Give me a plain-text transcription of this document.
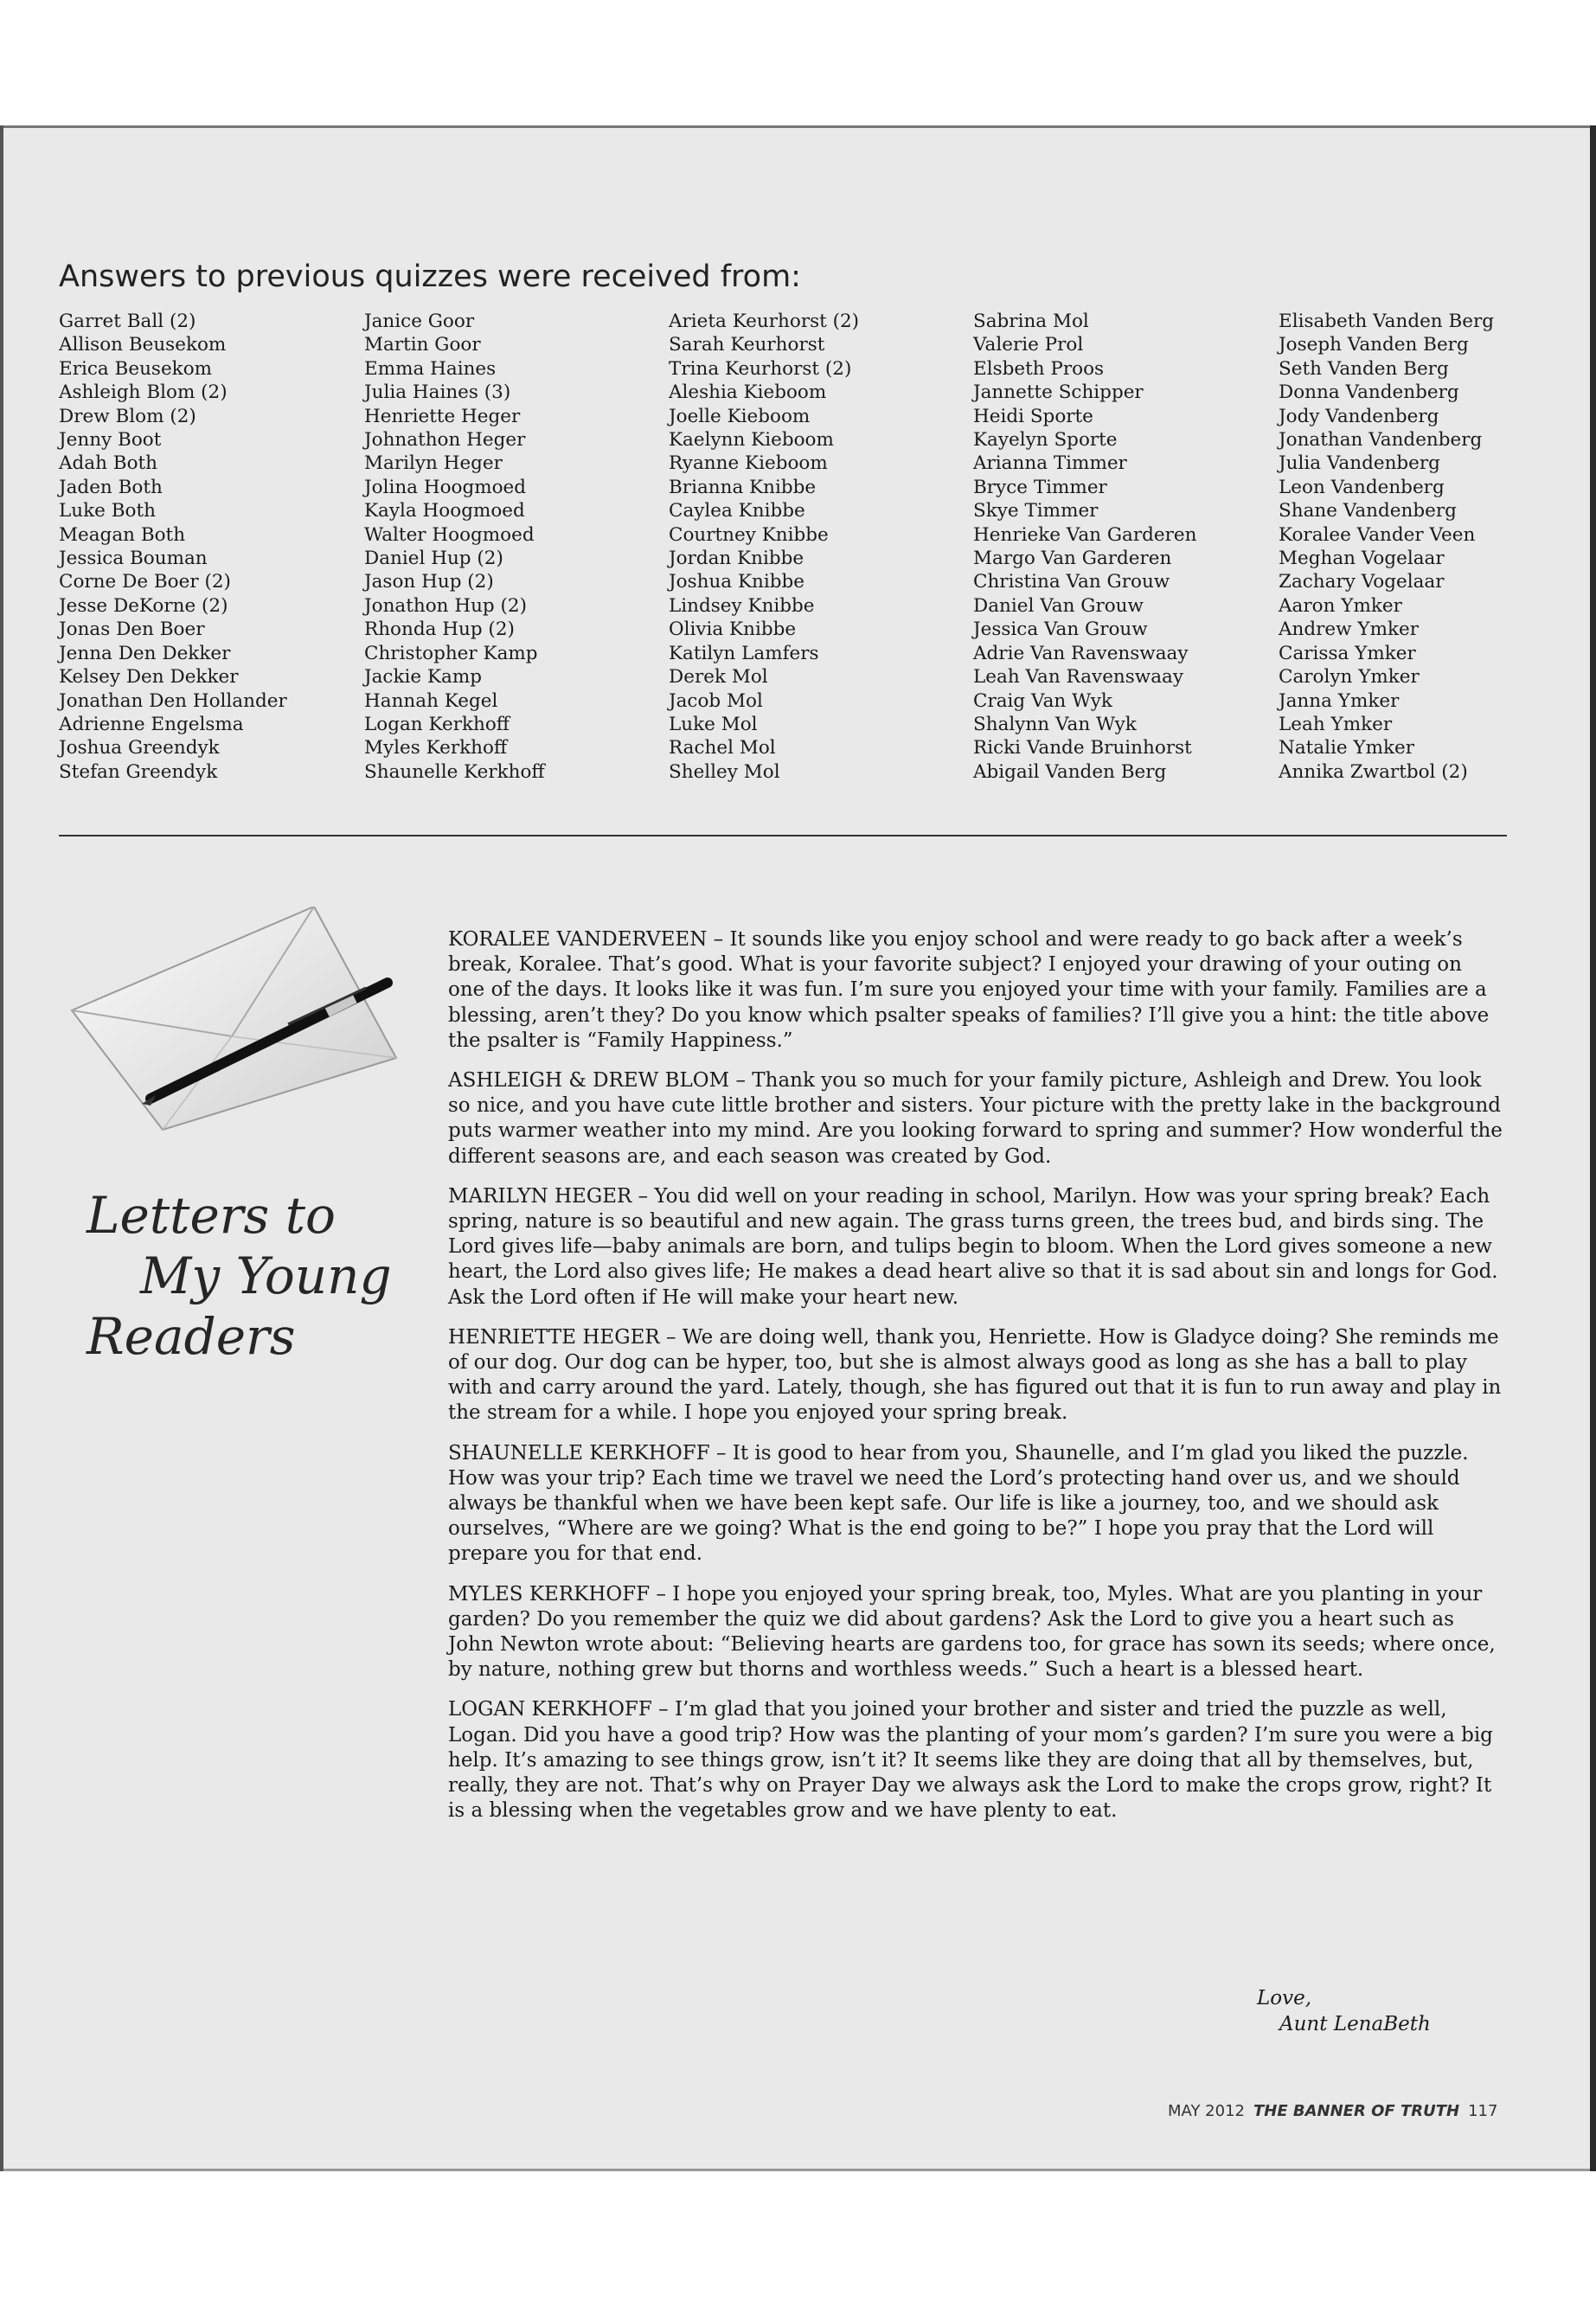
Answers to previous quizzes were received from:
Garret Ball (2)
Allison Beusekom
Erica Beusekom
Ashleigh Blom (2)
Drew Blom (2)
Jenny Boot
Adah Both
Jaden Both
Luke Both
Meagan Both
Jessica Bouman
Corne De Boer (2)
Jesse DeKorne (2)
Jonas Den Boer
Jenna Den Dekker
Kelsey Den Dekker
Jonathan Den Hollander
Adrienne Engelsma
Joshua Greendyk
Stefan Greendyk
Janice Goor
Martin Goor
Emma Haines
Julia Haines (3)
Henriette Heger
Johnathon Heger
Marilyn Heger
Jolina Hoogmoed
Kayla Hoogmoed
Walter Hoogmoed
Daniel Hup (2)
Jason Hup (2)
Jonathon Hup (2)
Rhonda Hup (2)
Christopher Kamp
Jackie Kamp
Hannah Kegel
Logan Kerkhoff
Myles Kerkhoff
Shaunelle Kerkhoff
Arieta Keurhorst (2)
Sarah Keurhorst
Trina Keurhorst (2)
Aleshia Kieboom
Joelle Kieboom
Kaelynn Kieboom
Ryanne Kieboom
Brianna Knibbe
Caylea Knibbe
Courtney Knibbe
Jordan Knibbe
Joshua Knibbe
Lindsey Knibbe
Olivia Knibbe
Katilyn Lamfers
Derek Mol
Jacob Mol
Luke Mol
Rachel Mol
Shelley Mol
Sabrina Mol
Valerie Prol
Elsbeth Proos
Jannette Schipper
Heidi Sporte
Kayelyn Sporte
Arianna Timmer
Bryce Timmer
Skye Timmer
Henrieke Van Garderen
Margo Van Garderen
Christina Van Grouw
Daniel Van Grouw
Jessica Van Grouw
Adrie Van Ravenswaay
Leah Van Ravenswaay
Craig Van Wyk
Shalynn Van Wyk
Ricki Vande Bruinhorst
Abigail Vanden Berg
Elisabeth Vanden Berg
Joseph Vanden Berg
Seth Vanden Berg
Donna Vandenberg
Jody Vandenberg
Jonathan Vandenberg
Julia Vandenberg
Leon Vandenberg
Shane Vandenberg
Koralee Vander Veen
Meghan Vogelaar
Zachary Vogelaar
Aaron Ymker
Andrew Ymker
Carissa Ymker
Carolyn Ymker
Janna Ymker
Leah Ymker
Natalie Ymker
Annika Zwartbol (2)
Letters to
My Young
Readers

KORALEE VANDERVEEN – It sounds like you enjoy school and were ready to go back after a week’s break, Koralee. That’s good. What is your favorite subject? I enjoyed your drawing of your outing on one of the days. It looks like it was fun. I’m sure you enjoyed your time with your family. Families are a blessing, aren’t they? Do you know which psalter speaks of families? I’ll give you a hint: the title above the psalter is “Family Happiness.”

ASHLEIGH & DREW BLOM – Thank you so much for your family picture, Ashleigh and Drew. You look so nice, and you have cute little brother and sisters. Your picture with the pretty lake in the background puts warmer weather into my mind. Are you looking forward to spring and summer? How wonderful the different seasons are, and each season was created by God.

MARILYN HEGER – You did well on your reading in school, Marilyn. How was your spring break? Each spring, nature is so beautiful and new again. The grass turns green, the trees bud, and birds sing. The Lord gives life—baby animals are born, and tulips begin to bloom. When the Lord gives someone a new heart, the Lord also gives life; He makes a dead heart alive so that it is sad about sin and longs for God. Ask the Lord often if He will make your heart new.

HENRIETTE HEGER – We are doing well, thank you, Henriette. How is Gladyce doing? She reminds me of our dog. Our dog can be hyper, too, but she is almost always good as long as she has a ball to play with and carry around the yard. Lately, though, she has figured out that it is fun to run away and play in the stream for a while. I hope you enjoyed your spring break.

SHAUNELLE KERKHOFF – It is good to hear from you, Shaunelle, and I’m glad you liked the puzzle. How was your trip? Each time we travel we need the Lord’s protecting hand over us, and we should always be thankful when we have been kept safe. Our life is like a journey, too, and we should ask ourselves, “Where are we going? What is the end going to be?” I hope you pray that the Lord will prepare you for that end.

MYLES KERKHOFF – I hope you enjoyed your spring break, too, Myles. What are you planting in your garden? Do you remember the quiz we did about gardens? Ask the Lord to give you a heart such as John Newton wrote about: “Believing hearts are gardens too, for grace has sown its seeds; where once, by nature, nothing grew but thorns and worthless weeds.” Such a heart is a blessed heart.

LOGAN KERKHOFF – I’m glad that you joined your brother and sister and tried the puzzle as well, Logan. Did you have a good trip? How was the planting of your mom’s garden? I’m sure you were a big help. It’s amazing to see things grow, isn’t it? It seems like they are doing that all by themselves, but, really, they are not. That’s why on Prayer Day we always ask the Lord to make the crops grow, right? It is a blessing when the vegetables grow and we have plenty to eat.

Love,
Aunt LenaBeth
MAY 2012 THE BANNER OF TRUTH 117
